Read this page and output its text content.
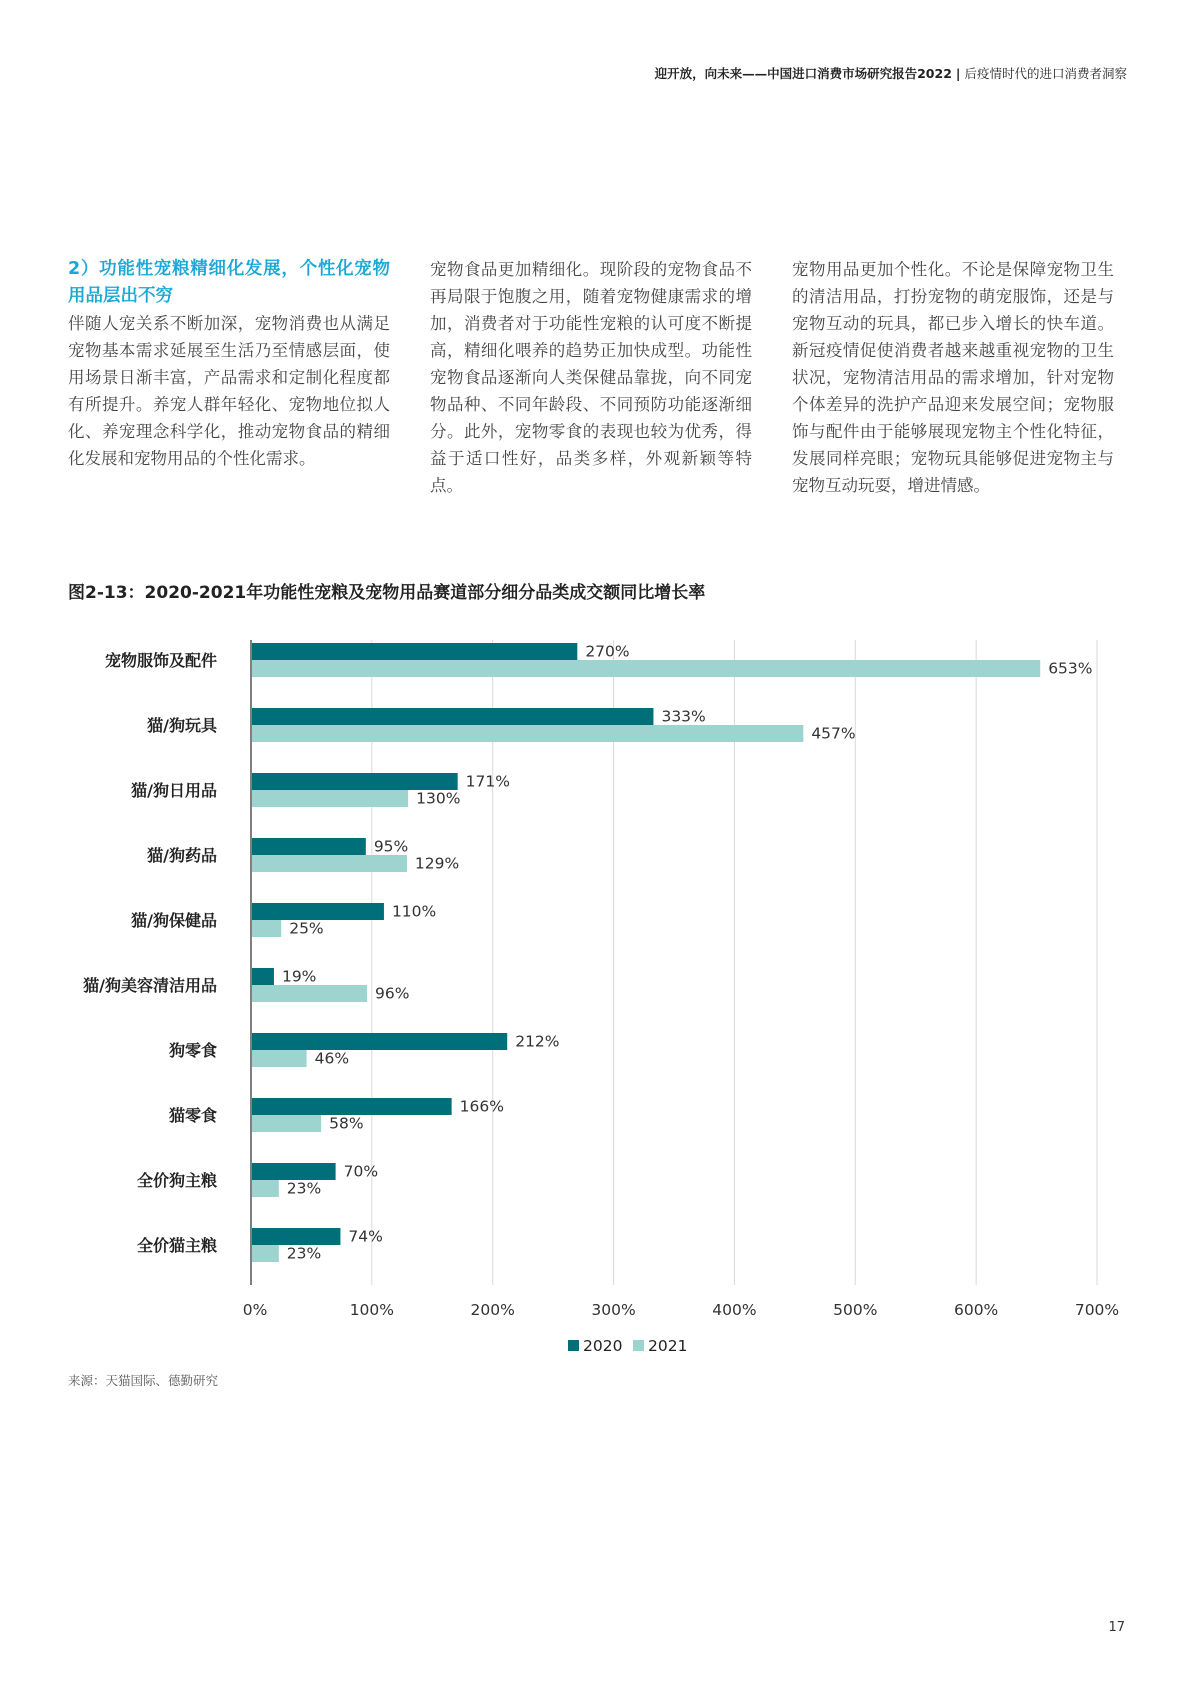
迎开放，向未来——中国进口消费市场研究报告2022 | 后疫情时代的进口消费者洞察
2）功能性宠粮精细化发展，个性化宠物用品层出不穷

伴随人宠关系不断加深，宠物消费也从满足宠物基本需求延展至生活乃至情感层面，使用场景日渐丰富，产品需求和定制化程度都有所提升。养宠人群年轻化、宠物地位拟人化、养宠理念科学化，推动宠物食品的精细化发展和宠物用品的个性化需求。

宠物食品更加精细化。现阶段的宠物食品不再局限于饱腹之用，随着宠物健康需求的增加，消费者对于功能性宠粮的认可度不断提高，精细化喂养的趋势正加快成型。功能性宠物食品逐渐向人类保健品靠拢，向不同宠物品种、不同年龄段、不同预防功能逐渐细分。此外，宠物零食的表现也较为优秀，得益于适口性好，品类多样，外观新颖等特点。

宠物用品更加个性化。不论是保障宠物卫生的清洁用品，打扮宠物的萌宠服饰，还是与宠物互动的玩具，都已步入增长的快车道。新冠疫情促使消费者越来越重视宠物的卫生状况，宠物清洁用品的需求增加，针对宠物个体差异的洗护产品迎来发展空间；宠物服饰与配件由于能够展现宠物主个性化特征，发展同样亮眼；宠物玩具能够促进宠物主与宠物互动玩耍，增进情感。

图2-13：2020-2021年功能性宠粮及宠物用品赛道部分细分品类成交额同比增长率
270%
653%
333%
457%
171%
130%
95%
129%
110%
25%
19%
96%
212%
46%
166%
58%
70%
23%
74%
23%
宠物服饰及配件
猫/狗玩具
猫/狗日用品
猫/狗药品
猫/狗保健品
猫/狗美容清洁用品
狗零食
猫零食
全价狗主粮
全价猫主粮
0%	100%	200%	300%	400%	500%	600%	700%
2020 2021
来源：天猫国际、德勤研究
17
